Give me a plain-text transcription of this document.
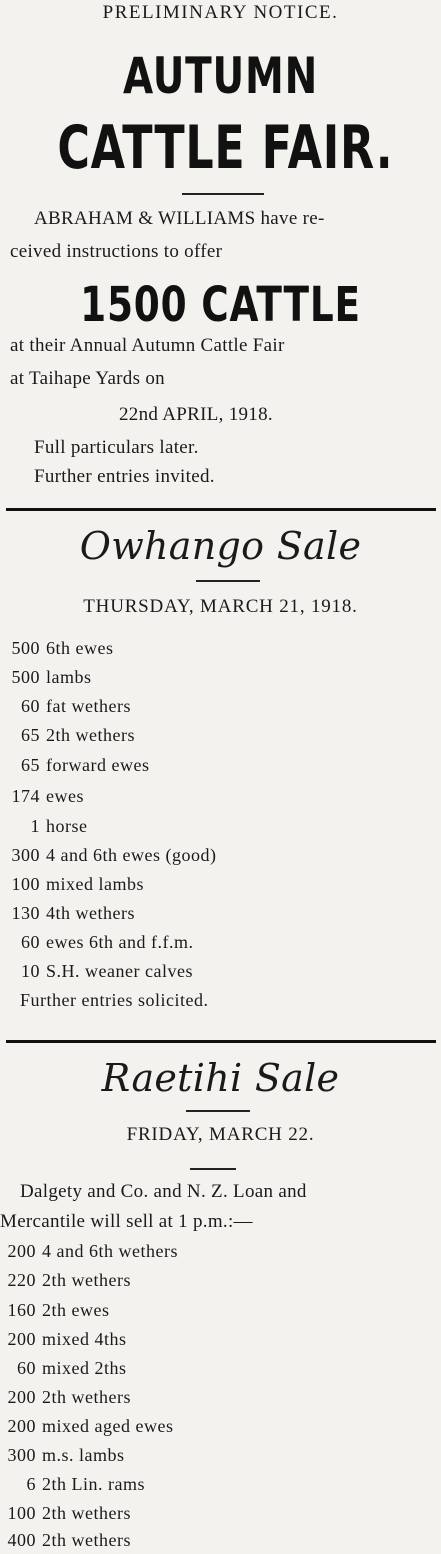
PRELIMINARY NOTICE.
AUTUMN
CATTLE FAIR.
ABRAHAM & WILLIAMS have re-
ceived instructions to offer
1500 CATTLE
at their Annual Autumn Cattle Fair
at Taihape Yards on
22nd APRIL, 1918.
Full particulars later.
Further entries invited.
Owhango Sale
THURSDAY, MARCH 21, 1918.
500 6th ewes
500 lambs
60 fat wethers
65 2th wethers
65 forward ewes
174 ewes
1 horse
300 4 and 6th ewes (good)
100 mixed lambs
130 4th wethers
60 ewes 6th and f.f.m.
10 S.H. weaner calves
Further entries solicited.
Raetihi Sale
FRIDAY, MARCH 22.
Dalgety and Co. and N. Z. Loan and
Mercantile will sell at 1 p.m.:—
200 4 and 6th wethers
220 2th wethers
160 2th ewes
200 mixed 4ths
60 mixed 2ths
200 2th wethers
200 mixed aged ewes
300 m.s. lambs
6 2th Lin. rams
100 2th wethers
400 2th wethers
